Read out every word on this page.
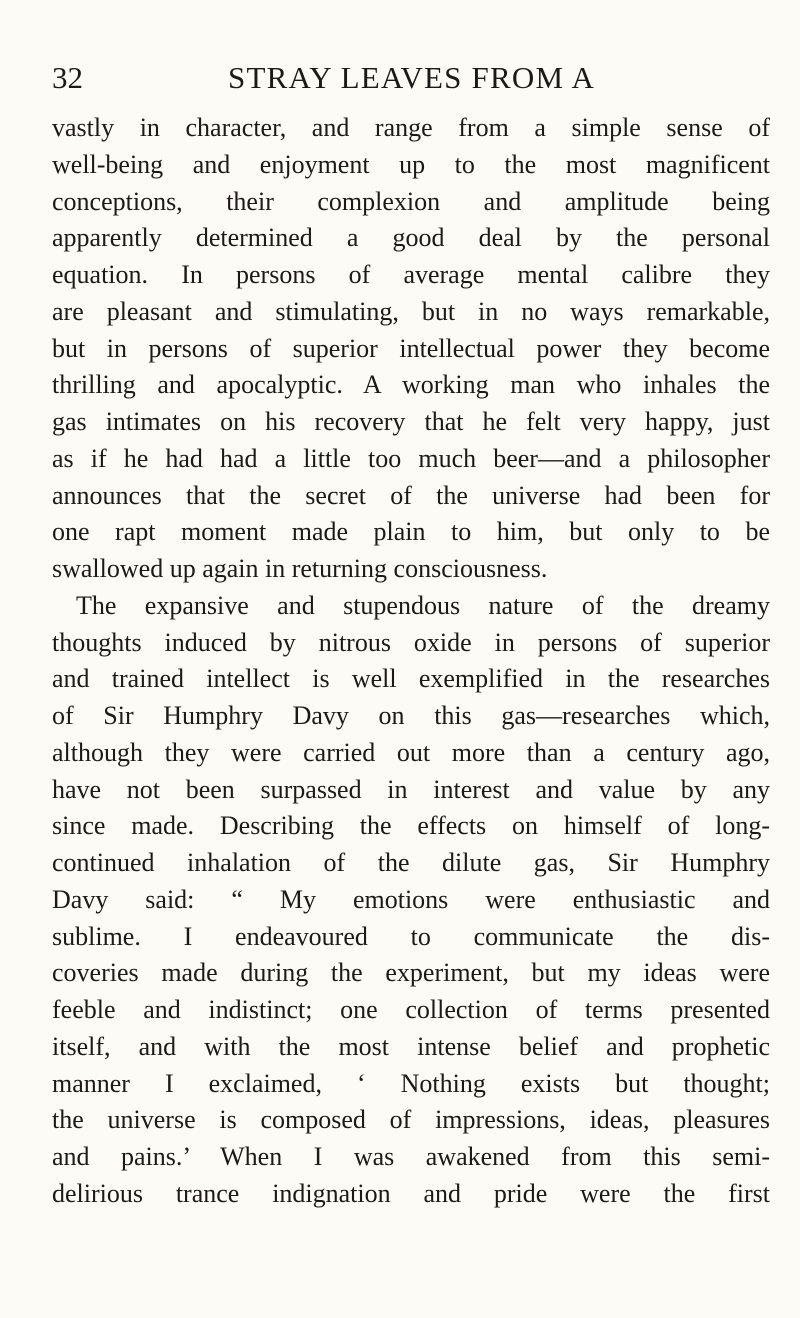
32	STRAY LEAVES FROM A
vastly in character, and range from a simple sense of
well-being and enjoyment up to the most magnificent
conceptions, their complexion and amplitude being
apparently determined a good deal by the personal
equation. In persons of average mental calibre they
are pleasant and stimulating, but in no ways remarkable,
but in persons of superior intellectual power they become
thrilling and apocalyptic. A working man who inhales the
gas intimates on his recovery that he felt very happy, just
as if he had had a little too much beer—and a philosopher
announces that the secret of the universe had been for
one rapt moment made plain to him, but only to be
swallowed up again in returning consciousness.
The expansive and stupendous nature of the dreamy
thoughts induced by nitrous oxide in persons of superior
and trained intellect is well exemplified in the researches
of Sir Humphry Davy on this gas—researches which,
although they were carried out more than a century ago,
have not been surpassed in interest and value by any
since made. Describing the effects on himself of long-
continued inhalation of the dilute gas, Sir Humphry
Davy said: “ My emotions were enthusiastic and
sublime. I endeavoured to communicate the dis-
coveries made during the experiment, but my ideas were
feeble and indistinct; one collection of terms presented
itself, and with the most intense belief and prophetic
manner I exclaimed, ‘ Nothing exists but thought;
the universe is composed of impressions, ideas, pleasures
and pains.’ When I was awakened from this semi-
delirious trance indignation and pride were the first
